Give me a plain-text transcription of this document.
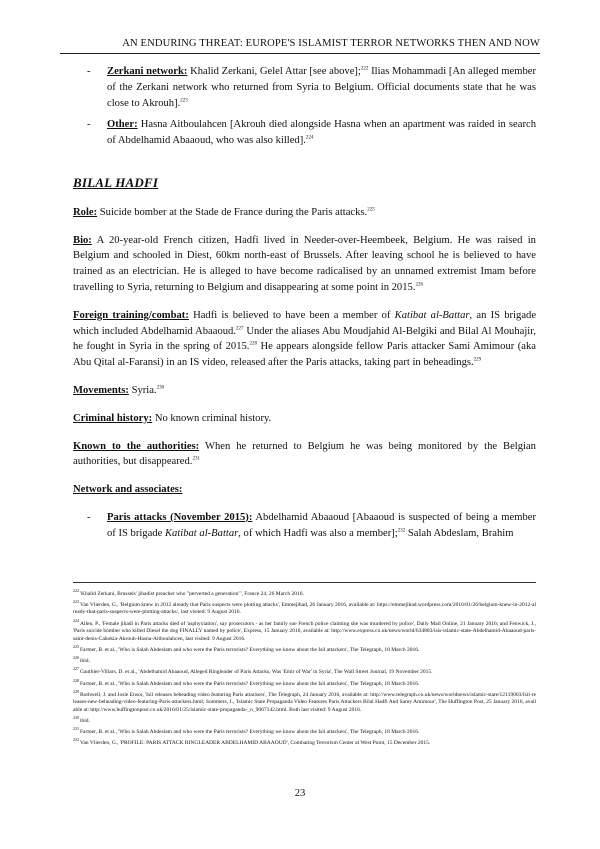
AN ENDURING THREAT: EUROPE'S ISLAMIST TERROR NETWORKS THEN AND NOW
-	Zerkani network: Khalid Zerkani, Gelel Attar [see above];$^{222}$ Ilias Mohammadi [An alleged member of the Zerkani network who returned from Syria to Belgium. Official documents state that he was close to Akrouh].$^{223}$
-	Other: Hasna Aitboulahcen [Akrouh died alongside Hasna when an apartment was raided in search of Abdelhamid Abaaoud, who was also killed].$^{224}$
BILAL HADFI

Role: Suicide bomber at the Stade de France during the Paris attacks.$^{225}$

Bio: A 20-year-old French citizen, Hadfi lived in Needer-over-Heembeek, Belgium. He was raised in Belgium and schooled in Diest, 60km north-east of Brussels. After leaving school he is believed to have trained as an electrician. He is alleged to have become radicalised by an unnamed extremist Imam before travelling to Syria, returning to Belgium and disappearing at some point in 2015.$^{226}$

Foreign training/combat: Hadfi is believed to have been a member of Katibat al-Battar, an IS brigade which included Abdelhamid Abaaoud.$^{227}$ Under the aliases Abu Moudjahid Al-Belgiki and Bilal Al Mouhajir, he fought in Syria in the spring of 2015.$^{228}$ He appears alongside fellow Paris attacker Sami Amimour (aka Abu Qital al-Faransi) in an IS video, released after the Paris attacks, taking part in beheadings.$^{229}$

Movements: Syria.$^{230}$

Criminal history: No known criminal history.

Known to the authorities: When he returned to Belgium he was being monitored by the Belgian authorities, but disappeared.$^{231}$

Network and associates:

-	Paris attacks (November 2015): Abdelhamid Abaaoud [Abaaoud is suspected of being a member of IS brigade Katibat al-Battar, of which Hadfi was also a member];$^{232}$ Salah Abdeslam, Brahim
$^{222}$'Khalid Zerkani, Brussels' jihadist preacher who "perverted a generation"', France 24, 26 March 2016.
$^{223}$Van Vlierden, G., 'Belgium knew in 2012 already that Paris suspects were plotting attacks', Emmejihad, 26 January 2016, available at: https://emmejihad.wordpress.com/2016/01/26/belgium-knew-in-2012-already-that-paris-suspects-were-plotting-attacks/, last visited: 9 August 2016.
$^{224}$Allen, P., 'Female jihadi in Paris attacks died of 'asphyxiation', say prosecutors - as her family sue French police claiming she was murdered by police', Daily Mail Online, 21 January 2016; and Fenwick, J., 'Paris suicide bomber who killed Diesel the dog FINALLY named by police', Express, 15 January 2016, available at: http://www.express.co.uk/news/world/634883/isis-islamic-state-Abdelhamid-Abaaoud-paris-saint-denis-Cahokia-Akrouh-Hasna-Aitboulahcen, last visited: 9 August 2016.
$^{225}$Farmer, B. et al., 'Who is Salah Abdeslam and who were the Paris terrorists? Everything we know about the Isil attackers', The Telegraph, 18 March 2016.
$^{226}$ibid.
$^{227}$Gauthier-Villars, D. et al., 'Abdelhamid Abaaoud, Alleged Ringleader of Paris Attacks, Was 'Emir of War' in Syria', The Wall Street Journal, 19 November 2015.
$^{228}$Farmer, B. et al., 'Who is Salah Abdeslam and who were the Paris terrorists? Everything we know about the Isil attackers', The Telegraph, 18 March 2016.
$^{229}$Rothwell, J. and Josie Ensor, 'Isil releases beheading video featuring Paris attackers', The Telegraph, 24 January 2016, available at: http://www.telegraph.co.uk/news/worldnews/islamic-state/12119003/Isil-releases-new-beheading-video-featuring-Paris-attackers.html; Sommers, J., 'Islamic State Propaganda Video Features Paris Attackers Bilal Hadfi And Samy Amimour', The Huffington Post, 25 January 2016, available at: http://www.huffingtonpost.co.uk/2016/01/25/islamic-state-propaganda-_n_9067142.html. Both last visited: 9 August 2016.
$^{230}$ibid.
$^{231}$Farmer, B. et al., 'Who is Salah Abdeslam and who were the Paris terrorists? Everything we know about the Isil attackers', The Telegraph, 18 March 2016.
$^{232}$Van Vlierden, G., 'PROFILE: PARIS ATTACK RINGLEADER ABDELHAMID ABAAOUD', Combating Terrorism Center at West Point, 15 December 2015.
23
